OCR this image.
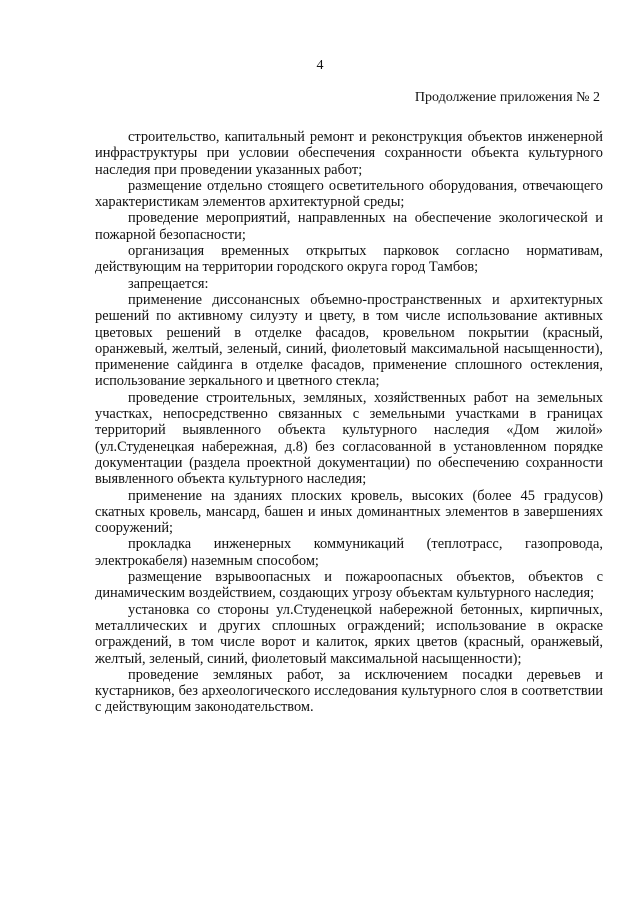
4
Продолжение приложения № 2

строительство, капитальный ремонт и реконструкция объектов инженерной инфраструктуры при условии обеспечения сохранности объекта культурного наследия при проведении указанных работ;

размещение отдельно стоящего осветительного оборудования, отвечающего характеристикам элементов архитектурной среды;

проведение мероприятий, направленных на обеспечение экологической и пожарной безопасности;

организация временных открытых парковок согласно нормативам, действующим на территории городского округа город Тамбов;

запрещается:

применение диссонансных объемно-пространственных и архитектурных решений по активному силуэту и цвету, в том числе использование активных цветовых решений в отделке фасадов, кровельном покрытии (красный, оранжевый, желтый, зеленый, синий, фиолетовый максимальной насыщенности), применение сайдинга в отделке фасадов, применение сплошного остекления, использование зеркального и цветного стекла;

проведение строительных, земляных, хозяйственных работ на земельных участках, непосредственно связанных с земельными участками в границах территорий выявленного объекта культурного наследия «Дом жилой» (ул.Студенецкая набережная, д.8) без согласованной в установленном порядке документации (раздела проектной документации) по обеспечению сохранности выявленного объекта культурного наследия;

применение на зданиях плоских кровель, высоких (более 45 градусов) скатных кровель, мансард, башен и иных доминантных элементов в завершениях сооружений;

прокладка инженерных коммуникаций (теплотрасс, газопровода, электрокабеля) наземным способом;

размещение взрывоопасных и пожароопасных объектов, объектов с динамическим воздействием, создающих угрозу объектам культурного наследия;

установка со стороны ул.Студенецкой набережной бетонных, кирпичных, металлических и других сплошных ограждений; использование в окраске ограждений, в том числе ворот и калиток, ярких цветов (красный, оранжевый, желтый, зеленый, синий, фиолетовый максимальной насыщенности);

проведение земляных работ, за исключением посадки деревьев и кустарников, без археологического исследования культурного слоя в соответствии с действующим законодательством.
